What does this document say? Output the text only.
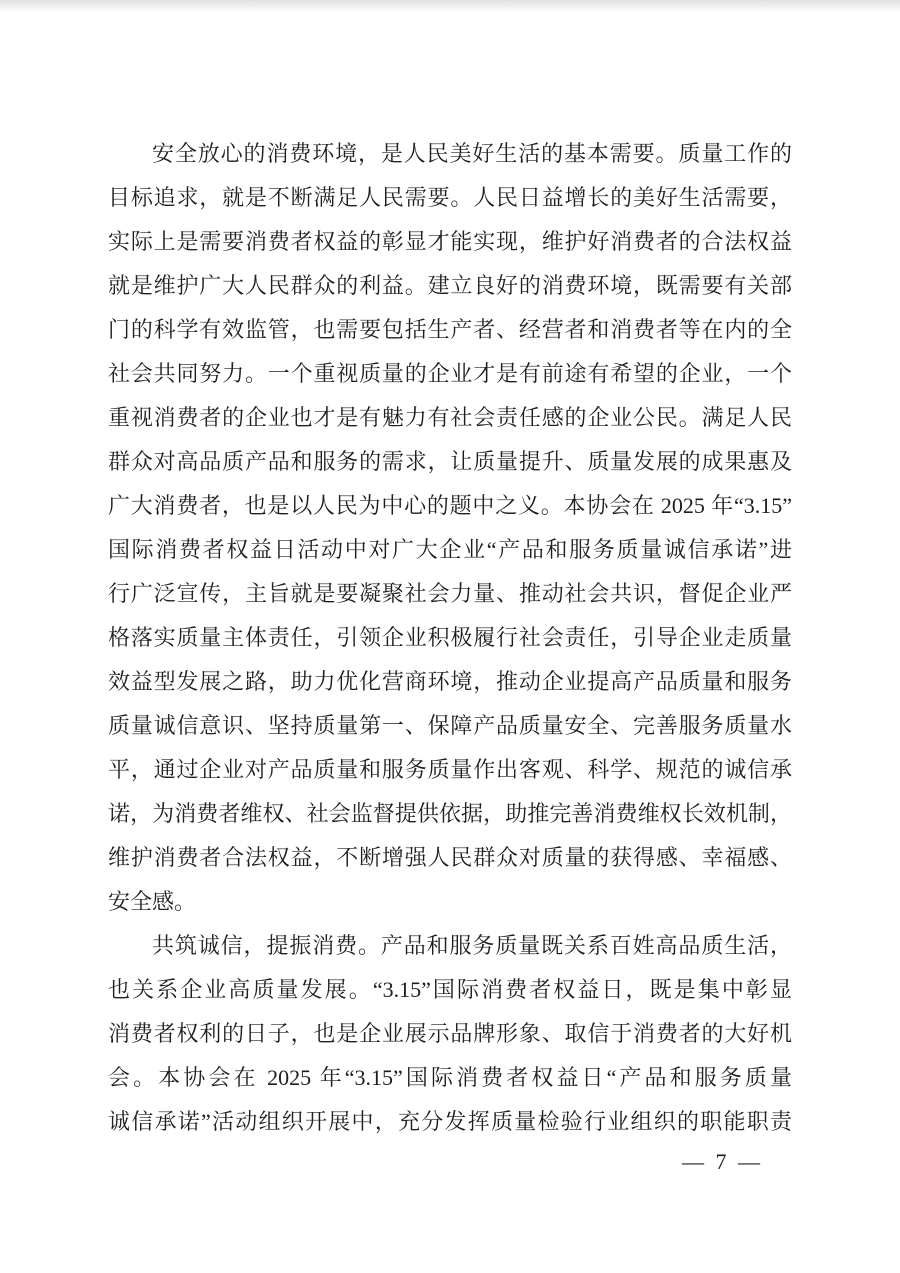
安全放心的消费环境，是人民美好生活的基本需要。质量工作的
目标追求，就是不断满足人民需要。人民日益增长的美好生活需要，
实际上是需要消费者权益的彰显才能实现，维护好消费者的合法权益
就是维护广大人民群众的利益。建立良好的消费环境，既需要有关部
门的科学有效监管，也需要包括生产者、经营者和消费者等在内的全
社会共同努力。一个重视质量的企业才是有前途有希望的企业，一个
重视消费者的企业也才是有魅力有社会责任感的企业公民。满足人民
群众对高品质产品和服务的需求，让质量提升、质量发展的成果惠及
广大消费者，也是以人民为中心的题中之义。本协会在 2025 年“3.15”
国际消费者权益日活动中对广大企业“产品和服务质量诚信承诺”进
行广泛宣传，主旨就是要凝聚社会力量、推动社会共识，督促企业严
格落实质量主体责任，引领企业积极履行社会责任，引导企业走质量
效益型发展之路，助力优化营商环境，推动企业提高产品质量和服务
质量诚信意识、坚持质量第一、保障产品质量安全、完善服务质量水
平，通过企业对产品质量和服务质量作出客观、科学、规范的诚信承
诺，为消费者维权、社会监督提供依据，助推完善消费维权长效机制，
维护消费者合法权益，不断增强人民群众对质量的获得感、幸福感、
安全感。
共筑诚信，提振消费。产品和服务质量既关系百姓高品质生活，
也关系企业高质量发展。“3.15”国际消费者权益日，既是集中彰显
消费者权利的日子，也是企业展示品牌形象、取信于消费者的大好机
会。本协会在 2025 年“3.15”国际消费者权益日“产品和服务质量
诚信承诺”活动组织开展中，充分发挥质量检验行业组织的职能职责
— 7 —
